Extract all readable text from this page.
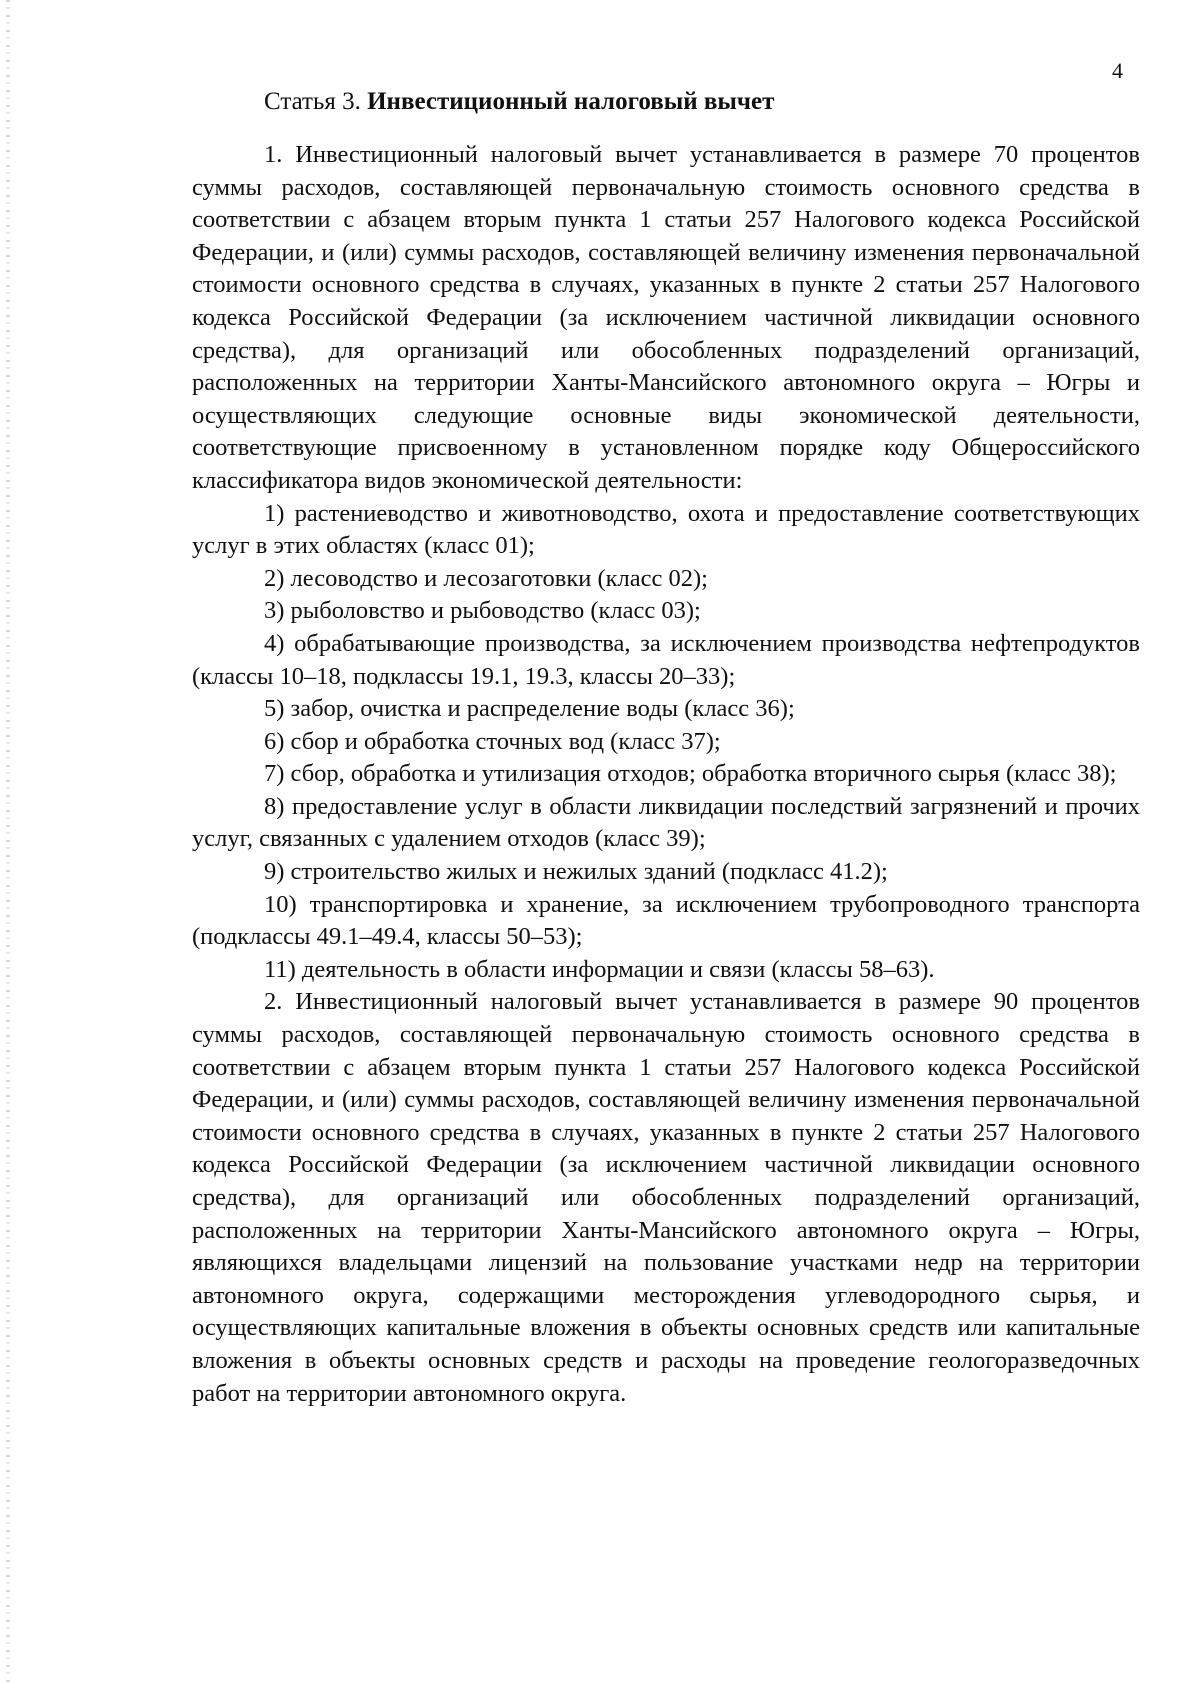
4
Статья 3. Инвестиционный налоговый вычет

1. Инвестиционный налоговый вычет устанавливается в размере 70 процентов суммы расходов, составляющей первоначальную стоимость основного средства в соответствии с абзацем вторым пункта 1 статьи 257 Налогового кодекса Российской Федерации, и (или) суммы расходов, составляющей величину изменения первоначальной стоимости основного средства в случаях, указанных в пункте 2 статьи 257 Налогового кодекса Российской Федерации (за исключением частичной ликвидации основного средства), для организаций или обособленных подразделений организаций, расположенных на территории Ханты-Мансийского автономного округа – Югры и осуществляющих следующие основные виды экономической деятельности, соответствующие присвоенному в установленном порядке коду Общероссийского классификатора видов экономической деятельности:

1) растениеводство и животноводство, охота и предоставление соответствующих услуг в этих областях (класс 01);

2) лесоводство и лесозаготовки (класс 02);

3) рыболовство и рыбоводство (класс 03);

4) обрабатывающие производства, за исключением производства нефтепродуктов (классы 10–18, подклассы 19.1, 19.3, классы 20–33);

5) забор, очистка и распределение воды (класс 36);

6) сбор и обработка сточных вод (класс 37);

7) сбор, обработка и утилизация отходов; обработка вторичного сырья (класс 38);

8) предоставление услуг в области ликвидации последствий загрязнений и прочих услуг, связанных с удалением отходов (класс 39);

9) строительство жилых и нежилых зданий (подкласс 41.2);

10) транспортировка и хранение, за исключением трубопроводного транспорта (подклассы 49.1–49.4, классы 50–53);

11) деятельность в области информации и связи (классы 58–63).

2. Инвестиционный налоговый вычет устанавливается в размере 90 процентов суммы расходов, составляющей первоначальную стоимость основного средства в соответствии с абзацем вторым пункта 1 статьи 257 Налогового кодекса Российской Федерации, и (или) суммы расходов, составляющей величину изменения первоначальной стоимости основного средства в случаях, указанных в пункте 2 статьи 257 Налогового кодекса Российской Федерации (за исключением частичной ликвидации основного средства), для организаций или обособленных подразделений организаций, расположенных на территории Ханты-Мансийского автономного округа – Югры, являющихся владельцами лицензий на пользование участками недр на территории автономного округа, содержащими месторождения углеводородного сырья, и осуществляющих капитальные вложения в объекты основных средств или капитальные вложения в объекты основных средств и расходы на проведение геологоразведочных работ на территории автономного округа.
